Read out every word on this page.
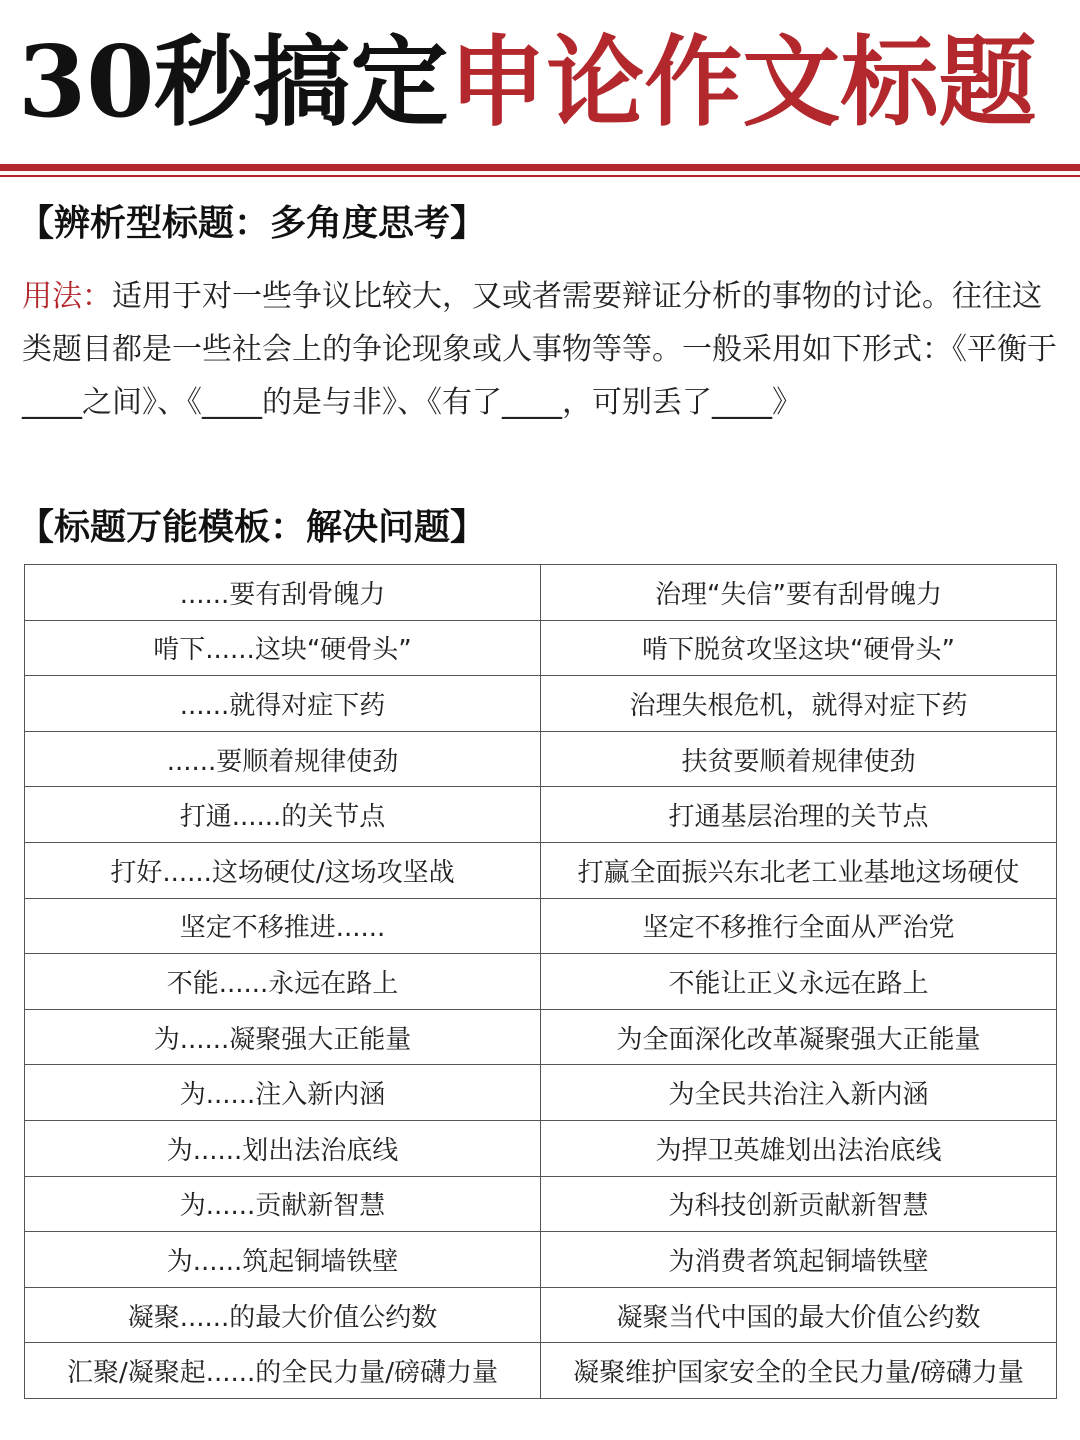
30秒搞定 申论作文标题
【辨析型标题：多角度思考】
用法：适用于对一些争议比较大，又或者需要辩证分析的事物的讨论。往往这类题目都是一些社会上的争论现象或人事物等等。一般采用如下形式：《平衡于____之间》、《____的是与非》、《有了____，可别丢了____》
【标题万能模板：解决问题】
......要有刮骨魄力	治理“失信”要有刮骨魄力
啃下......这块“硬骨头”	啃下脱贫攻坚这块“硬骨头”
......就得对症下药	治理失根危机，就得对症下药
......要顺着规律使劲	扶贫要顺着规律使劲
打通......的关节点	打通基层治理的关节点
打好......这场硬仗/这场攻坚战	打赢全面振兴东北老工业基地这场硬仗
坚定不移推进......	坚定不移推行全面从严治党
不能......永远在路上	不能让正义永远在路上
为......凝聚强大正能量	为全面深化改革凝聚强大正能量
为......注入新内涵	为全民共治注入新内涵
为......划出法治底线	为捍卫英雄划出法治底线
为......贡献新智慧	为科技创新贡献新智慧
为......筑起铜墙铁壁	为消费者筑起铜墙铁壁
凝聚......的最大价值公约数	凝聚当代中国的最大价值公约数
汇聚/凝聚起......的全民力量/磅礴力量	凝聚维护国家安全的全民力量/磅礴力量
